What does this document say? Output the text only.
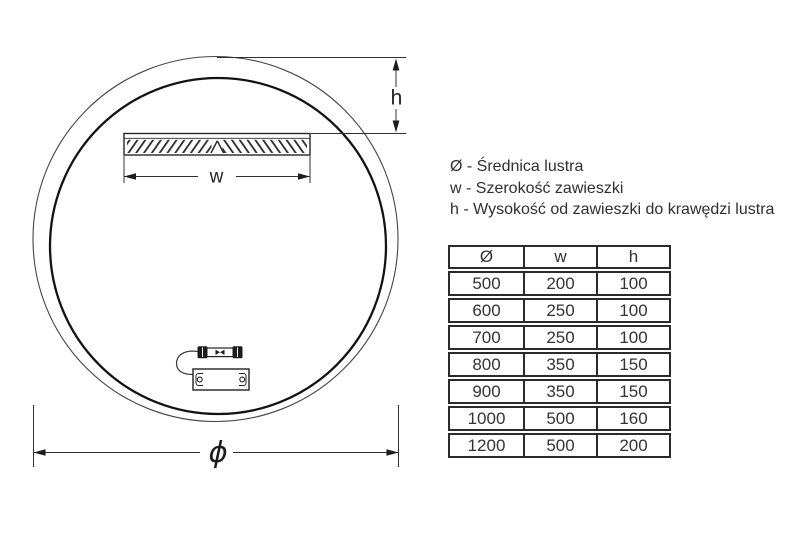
w
h
ϕ
Ø - Średnica lustra
w - Szerokość zawieszki
h - Wysokość od zawieszki do krawędzi lustra
Ø	w	h
500	200	100
600	250	100
700	250	100
800	350	150
900	350	150
1000	500	160
1200	500	200
